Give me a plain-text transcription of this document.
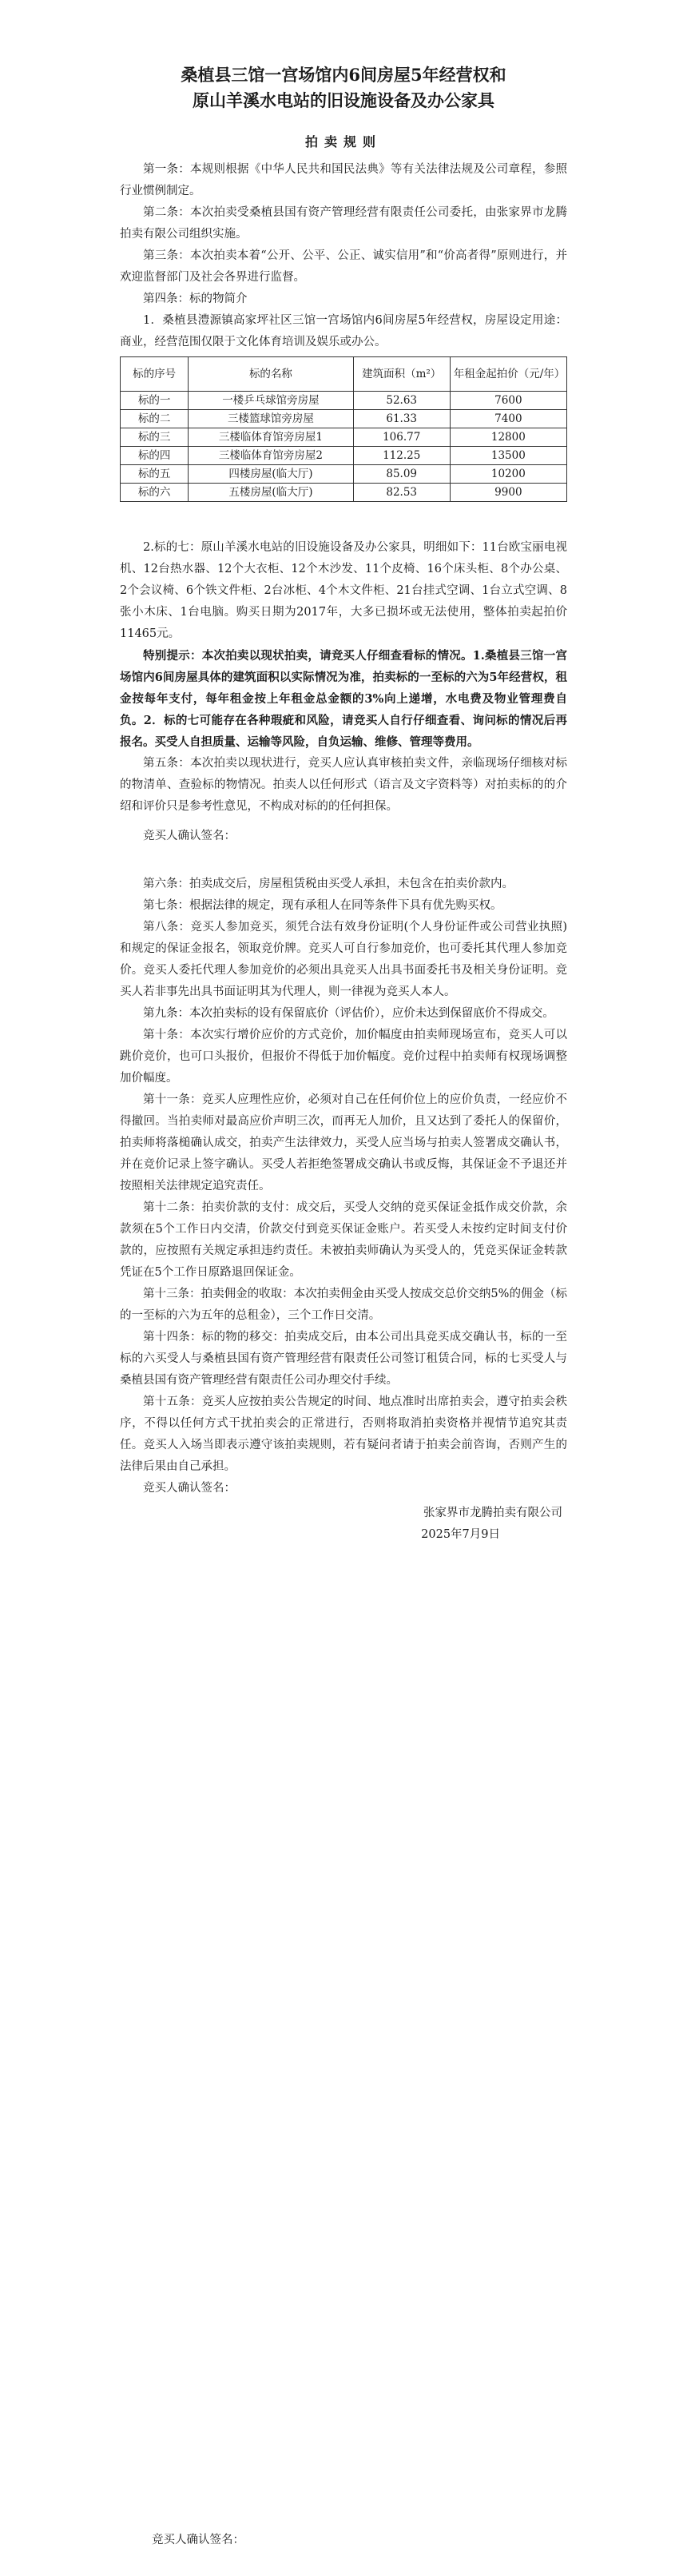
桑植县三馆一宫场馆内6间房屋5年经营权和
原山羊溪水电站的旧设施设备及办公家具
拍卖规则

第一条：本规则根据《中华人民共和国民法典》等有关法律法规及公司章程，参照行业惯例制定。

第二条：本次拍卖受桑植县国有资产管理经营有限责任公司委托，由张家界市龙腾拍卖有限公司组织实施。

第三条：本次拍卖本着“公开、公平、公正、诚实信用”和“价高者得”原则进行，并欢迎监督部门及社会各界进行监督。

第四条：标的物简介

1．桑植县澧源镇高家坪社区三馆一宫场馆内6间房屋5年经营权，房屋设定用途：商业，经营范围仅限于文化体育培训及娱乐或办公。

标的序号	标的名称	建筑面积（m²）	年租金起拍价（元/年）
标的一	一楼乒乓球馆旁房屋	52.63	7600
标的二	三楼篮球馆旁房屋	61.33	7400
标的三	三楼临体育馆旁房屋1	106.77	12800
标的四	三楼临体育馆旁房屋2	112.25	13500
标的五	四楼房屋(临大厅)	85.09	10200
标的六	五楼房屋(临大厅)	82.53	9900

2.标的七：原山羊溪水电站的旧设施设备及办公家具，明细如下：11台欧宝丽电视机、12台热水器、12个大衣柜、12个木沙发、11个皮椅、16个床头柜、8个办公桌、2个会议椅、6个铁文件柜、2台冰柜、4个木文件柜、21台挂式空调、1台立式空调、8张小木床、1台电脑。购买日期为2017年，大多已损坏或无法使用，整体拍卖起拍价11465元。

特别提示：本次拍卖以现状拍卖，请竞买人仔细查看标的情况。1.桑植县三馆一宫场馆内6间房屋具体的建筑面积以实际情况为准，拍卖标的一至标的六为5年经营权，租金按每年支付，每年租金按上年租金总金额的3%向上递增，水电费及物业管理费自负。2．标的七可能存在各种瑕疵和风险，请竞买人自行仔细查看、询问标的情况后再报名。买受人自担质量、运输等风险，自负运输、维修、管理等费用。

第五条：本次拍卖以现状进行，竞买人应认真审核拍卖文件，亲临现场仔细核对标的物清单、查验标的物情况。拍卖人以任何形式（语言及文字资料等）对拍卖标的的介绍和评价只是参考性意见，不构成对标的的任何担保。

竞买人确认签名：

第六条：拍卖成交后，房屋租赁税由买受人承担，未包含在拍卖价款内。

第七条：根据法律的规定，现有承租人在同等条件下具有优先购买权。

第八条：竞买人参加竞买，须凭合法有效身份证明(个人身份证件或公司营业执照)和规定的保证金报名，领取竞价牌。竞买人可自行参加竞价，也可委托其代理人参加竞价。竞买人委托代理人参加竞价的必须出具竞买人出具书面委托书及相关身份证明。竞买人若非事先出具书面证明其为代理人，则一律视为竞买人本人。

第九条：本次拍卖标的设有保留底价（评估价），应价未达到保留底价不得成交。

第十条：本次实行增价应价的方式竞价，加价幅度由拍卖师现场宣布，竞买人可以跳价竞价，也可口头报价，但报价不得低于加价幅度。竞价过程中拍卖师有权现场调整加价幅度。

第十一条：竞买人应理性应价，必须对自己在任何价位上的应价负责，一经应价不得撤回。当拍卖师对最高应价声明三次，而再无人加价，且又达到了委托人的保留价，拍卖师将落槌确认成交，拍卖产生法律效力，买受人应当场与拍卖人签署成交确认书，并在竞价记录上签字确认。买受人若拒绝签署成交确认书或反悔，其保证金不予退还并按照相关法律规定追究责任。

第十二条：拍卖价款的支付：成交后，买受人交纳的竞买保证金抵作成交价款，余款须在5个工作日内交清，价款交付到竞买保证金账户。若买受人未按约定时间支付价款的，应按照有关规定承担违约责任。未被拍卖师确认为买受人的，凭竞买保证金转款凭证在5个工作日原路退回保证金。

第十三条：拍卖佣金的收取：本次拍卖佣金由买受人按成交总价交纳5%的佣金（标的一至标的六为五年的总租金），三个工作日交清。

第十四条：标的物的移交：拍卖成交后，由本公司出具竞买成交确认书，标的一至标的六买受人与桑植县国有资产管理经营有限责任公司签订租赁合同，标的七买受人与桑植县国有资产管理经营有限责任公司办理交付手续。

第十五条：竞买人应按拍卖公告规定的时间、地点准时出席拍卖会，遵守拍卖会秩序，不得以任何方式干扰拍卖会的正常进行，否则将取消拍卖资格并视情节追究其责任。竞买人入场当即表示遵守该拍卖规则，若有疑问者请于拍卖会前咨询，否则产生的法律后果由自己承担。

竞买人确认签名：

张家界市龙腾拍卖有限公司

2025年7月9日

竞买人确认签名：
